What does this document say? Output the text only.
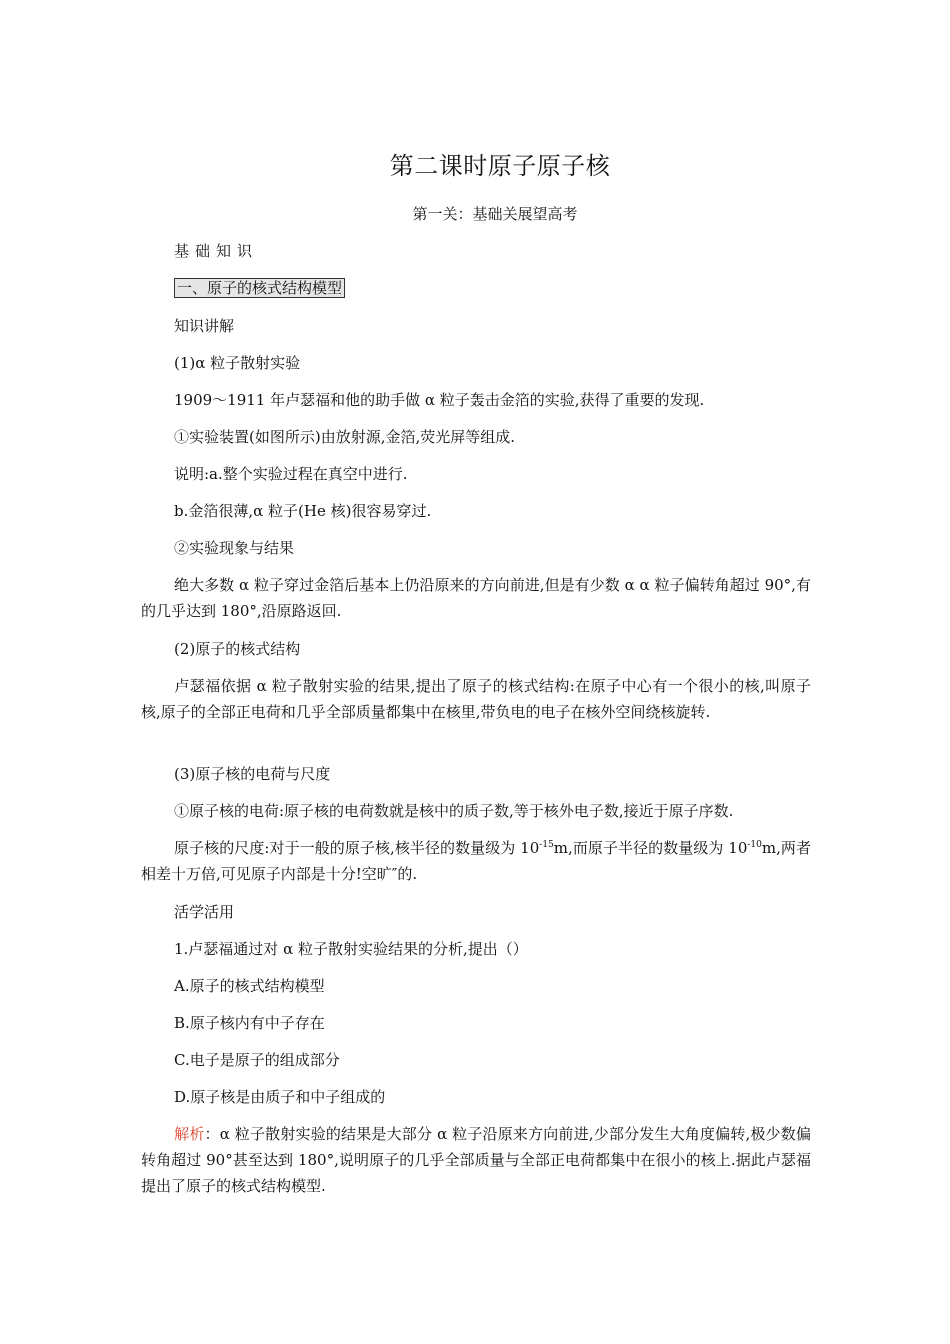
第二课时原子原子核
第一关：基础关展望高考
基础知识
一、原子的核式结构模型
知识讲解
(1)α 粒子散射实验
1909～1911 年卢瑟福和他的助手做 α 粒子轰击金箔的实验,获得了重要的发现.
①实验装置(如图所示)由放射源,金箔,荧光屏等组成.
说明:a.整个实验过程在真空中进行.
b.金箔很薄,α 粒子(He 核)很容易穿过.
②实验现象与结果
绝大多数 α 粒子穿过金箔后基本上仍沿原来的方向前进,但是有少数 α α 粒子偏转角超过 90°,有的几乎达到 180°,沿原路返回.
(2)原子的核式结构
卢瑟福依据 α 粒子散射实验的结果,提出了原子的核式结构:在原子中心有一个很小的核,叫原子核,原子的全部正电荷和几乎全部质量都集中在核里,带负电的电子在核外空间绕核旋转.
(3)原子核的电荷与尺度
①原子核的电荷:原子核的电荷数就是核中的质子数,等于核外电子数,接近于原子序数.
原子核的尺度:对于一般的原子核,核半径的数量级为 $10^{-15}m$,而原子半径的数量级为 $10^{-10}m$,两者相差十万倍,可见原子内部是十分!空旷″的.
活学活用
1.卢瑟福通过对 α 粒子散射实验结果的分析,提出（）
A.原子的核式结构模型
B.原子核内有中子存在
C.电子是原子的组成部分
D.原子核是由质子和中子组成的
解析：α 粒子散射实验的结果是大部分 α 粒子沿原来方向前进,少部分发生大角度偏转,极少数偏转角超过 90°甚至达到 180°,说明原子的几乎全部质量与全部正电荷都集中在很小的核上.据此卢瑟福提出了原子的核式结构模型.
